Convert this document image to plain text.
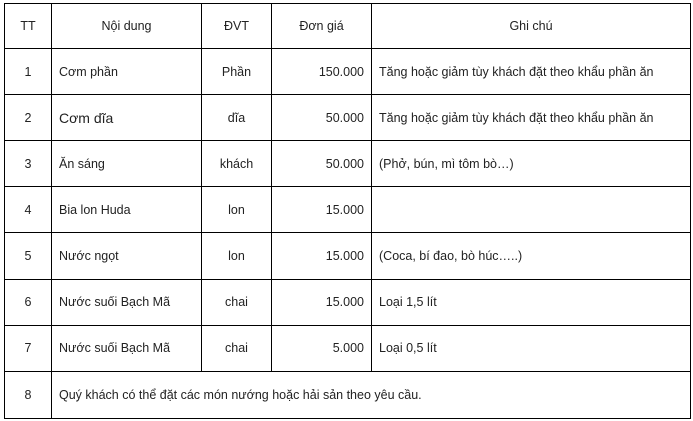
TT	Nội dung	ĐVT	Đơn giá	Ghi chú
1	Cơm phần	Phần	150.000	Tăng hoặc giảm tùy khách đặt theo khẩu phần ăn
2	Cơm dĩa	dĩa	50.000	Tăng hoặc giảm tùy khách đặt theo khẩu phần ăn
3	Ăn sáng	khách	50.000	(Phở, bún, mì tôm bò…)
4	Bia lon Huda	lon	15.000	
5	Nước ngọt	lon	15.000	(Coca, bí đao, bò húc…..)
6	Nước suối Bạch Mã	chai	15.000	Loại 1,5 lít
7	Nước suối Bạch Mã	chai	5.000	Loại 0,5 lít
8	Quý khách có thể đặt các món nướng hoặc hải sản theo yêu cầu.			
